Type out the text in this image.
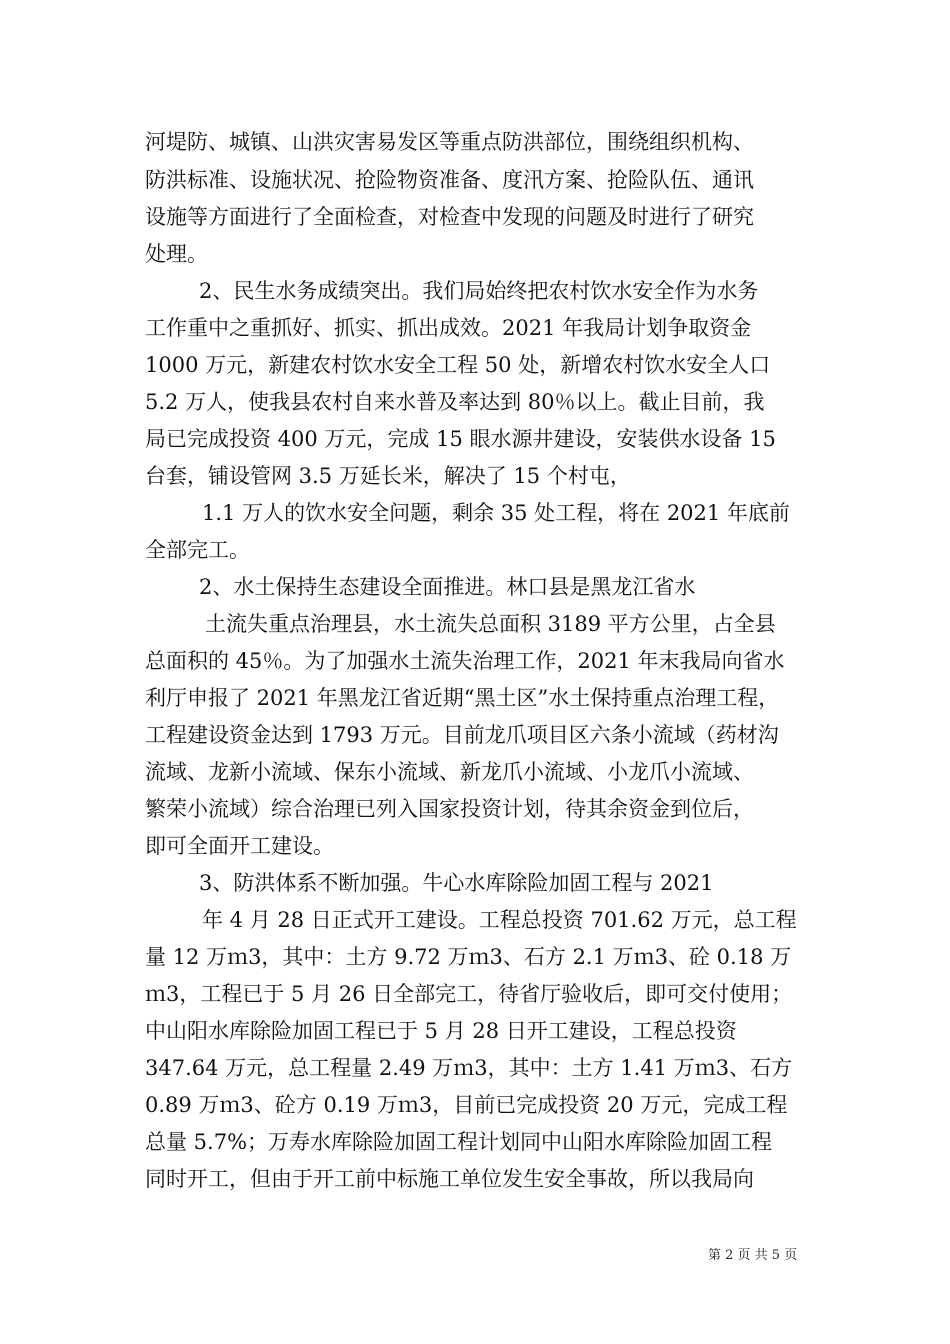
河堤防、城镇、山洪灾害易发区等重点防洪部位，围绕组织机构、
防洪标准、设施状况、抢险物资准备、度汛方案、抢险队伍、通讯
设施等方面进行了全面检查，对检查中发现的问题及时进行了研究
处理。
2、民生水务成绩突出。我们局始终把农村饮水安全作为水务
工作重中之重抓好、抓实、抓出成效。2021 年我局计划争取资金
1000 万元，新建农村饮水安全工程 50 处，新增农村饮水安全人口
5.2 万人，使我县农村自来水普及率达到 80％以上。截止目前，我
局已完成投资 400 万元，完成 15 眼水源井建设，安装供水设备 15
台套，铺设管网 3.5 万延长米，解决了 15 个村屯，
1.1 万人的饮水安全问题，剩余 35 处工程，将在 2021 年底前
全部完工。
2、水土保持生态建设全面推进。林口县是黑龙江省水
土流失重点治理县，水土流失总面积 3189 平方公里，占全县
总面积的 45％。为了加强水土流失治理工作，2021 年末我局向省水
利厅申报了 2021 年黑龙江省近期“黑土区”水土保持重点治理工程，
工程建设资金达到 1793 万元。目前龙爪项目区六条小流域（药材沟
流域、龙新小流域、保东小流域、新龙爪小流域、小龙爪小流域、
繁荣小流域）综合治理已列入国家投资计划，待其余资金到位后，
即可全面开工建设。
3、防洪体系不断加强。牛心水库除险加固工程与 2021
年 4 月 28 日正式开工建设。工程总投资 701.62 万元，总工程
量 12 万ｍ3，其中：土方 9.72 万ｍ3、石方 2.1 万ｍ3、砼 0.18 万
ｍ3，工程已于 5 月 26 日全部完工，待省厅验收后，即可交付使用；
中山阳水库除险加固工程已于 5 月 28 日开工建设，工程总投资
347.64 万元，总工程量 2.49 万ｍ3，其中：土方 1.41 万ｍ3、石方
0.89 万ｍ3、砼方 0.19 万ｍ3，目前已完成投资 20 万元，完成工程
总量 5.7%；万寿水库除险加固工程计划同中山阳水库除险加固工程
同时开工，但由于开工前中标施工单位发生安全事故，所以我局向
第 2 页 共 5 页
